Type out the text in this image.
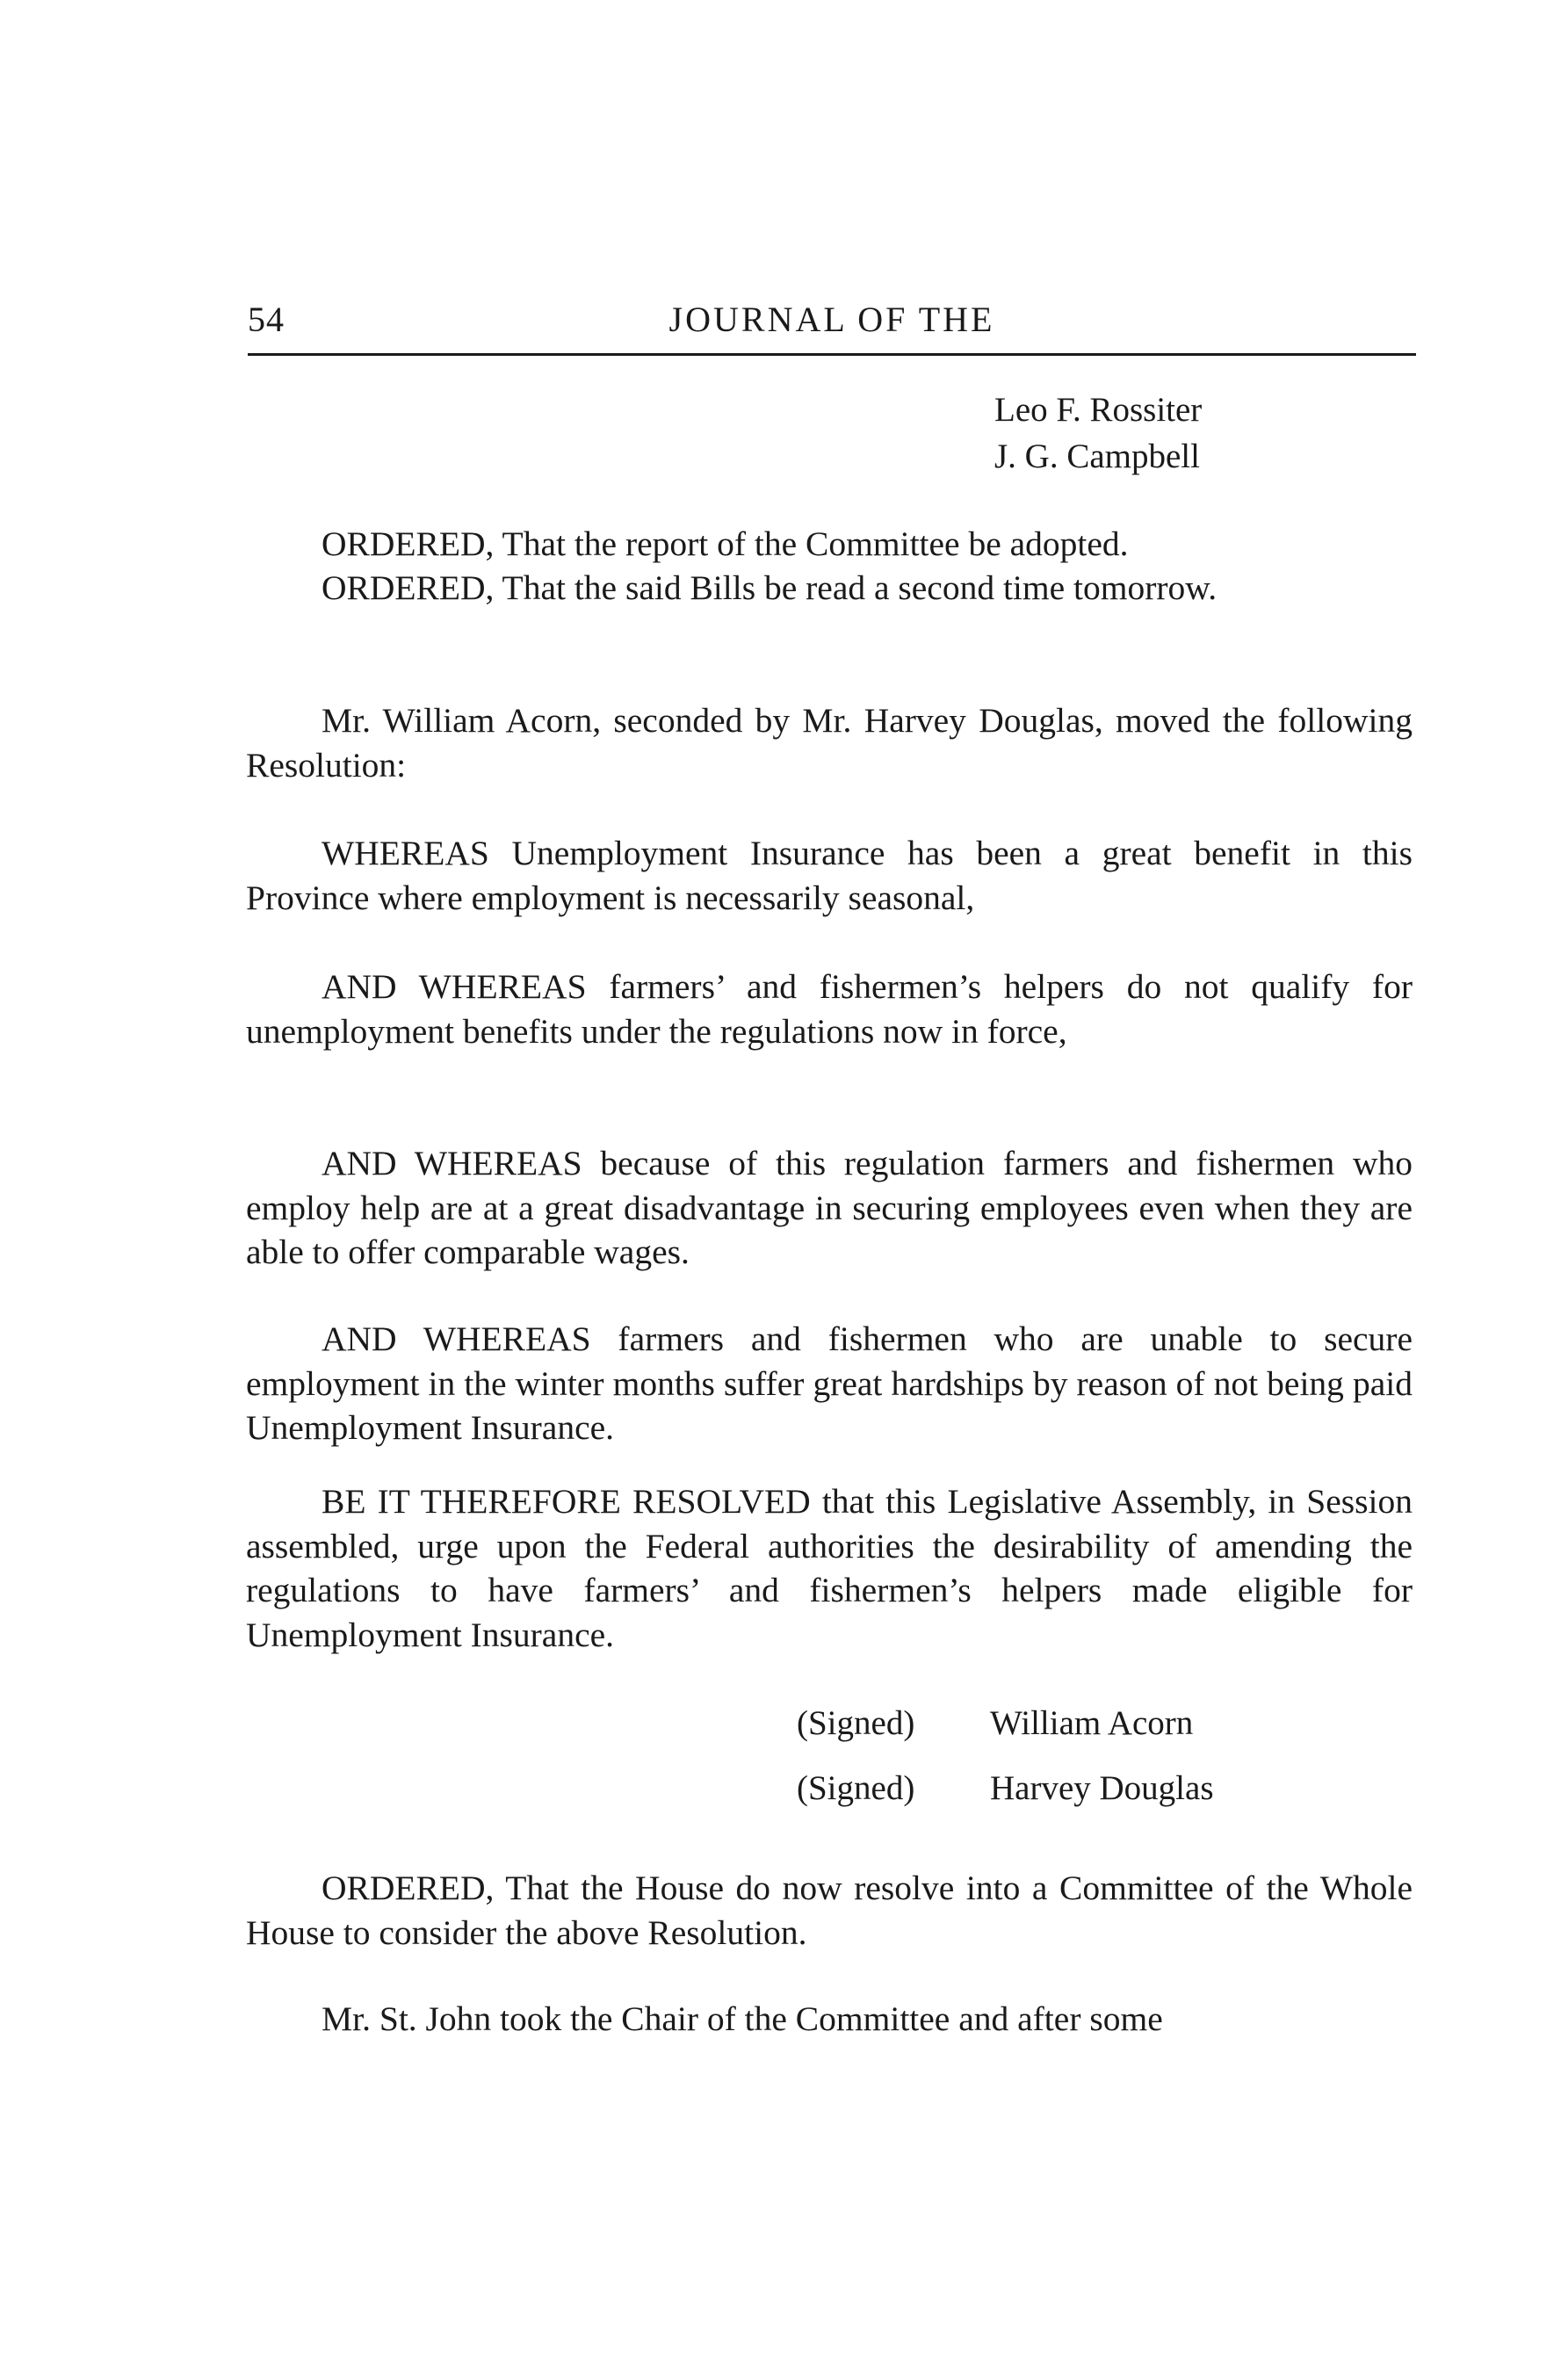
54	JOURNAL OF THE
Leo F. Rossiter
J. G. Campbell

ORDERED, That the report of the Committee be adopted.

ORDERED, That the said Bills be read a second time tomorrow.

Mr. William Acorn, seconded by Mr. Harvey Douglas, moved the following Resolution:

WHEREAS Unemployment Insurance has been a great benefit in this Province where employment is necessarily seasonal,

AND WHEREAS farmers’ and fishermen’s helpers do not qualify for unemployment benefits under the regulations now in force,

AND WHEREAS because of this regulation farmers and fishermen who employ help are at a great disadvantage in securing employees even when they are able to offer comparable wages.

AND WHEREAS farmers and fishermen who are unable to secure employment in the winter months suffer great hardships by reason of not being paid Unemployment Insurance.

BE IT THEREFORE RESOLVED that this Legislative Assembly, in Session assembled, urge upon the Federal authorities the desirability of amending the regulations to have farmers’ and fishermen’s helpers made eligible for Unemployment Insurance.

(Signed) William Acorn
(Signed) Harvey Douglas

ORDERED, That the House do now resolve into a Committee of the Whole House to consider the above Resolution.

Mr. St. John took the Chair of the Committee and after some
